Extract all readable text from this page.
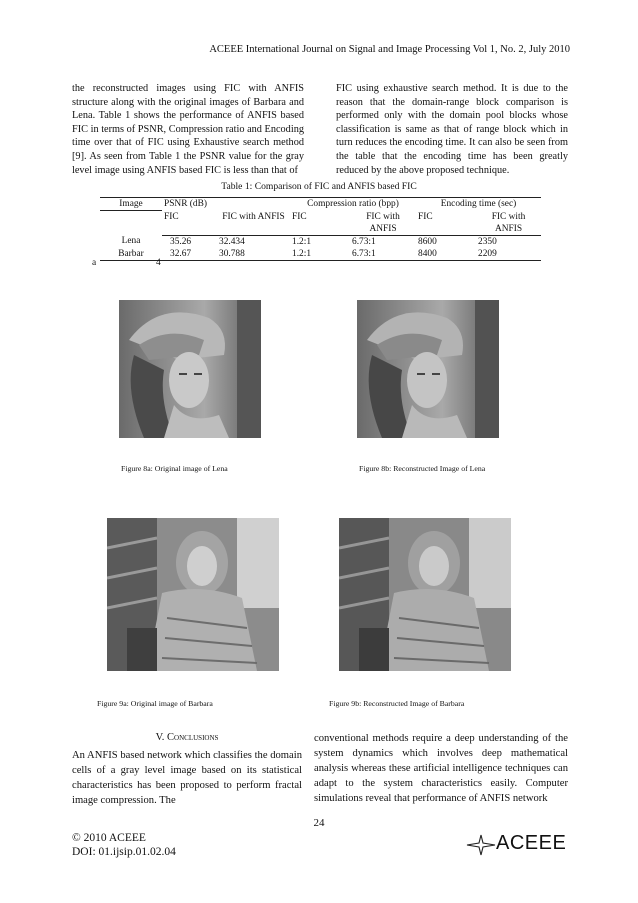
ACEEE International Journal on Signal and Image Processing Vol 1, No. 2, July 2010

the reconstructed images using FIC with ANFIS structure along with the original images of Barbara and Lena. Table 1 shows the performance of ANFIS based FIC in terms of PSNR, Compression ratio and Encoding time over that of FIC using Exhaustive search method [9]. As seen from Table 1 the PSNR value for the gray level image using ANFIS based FIC is less than that of

FIC using exhaustive search method. It is due to the reason that the domain-range block comparison is performed only with the domain pool blocks whose classification is same as that of range block which in turn reduces the encoding time. It can also be seen from the table that the encoding time has been greatly reduced by the above proposed technique.

Table 1: Comparison of FIC and ANFIS based FIC
Image	PSNR (dB)		Compression ratio (bpp)		Encoding time (sec)	
	FIC	FIC with ANFIS	FIC	FIC with ANFIS	FIC	FIC with ANFIS
Lena	35.26	32.434	1.2:1	6.73:1	8600	2350
Barbar	32.67	30.788	1.2:1	6.73:1	8400	2209
a	4
Figure 8a: Original image of Lena	Figure 8b: Reconstructed Image of Lena
Figure 9a: Original image of Barbara	Figure 9b: Reconstructed Image of Barbara
V. Conclusions

An ANFIS based network which classifies the domain cells of a gray level image based on its statistical characteristics has been proposed to perform fractal image compression. The

conventional methods require a deep understanding of the system dynamics which involves deep mathematical analysis whereas these artificial intelligence techniques can adapt to the system characteristics easily. Computer simulations reveal that performance of ANFIS network

24
© 2010 ACEEE
DOI: 01.ijsip.01.02.04	ACEEE
